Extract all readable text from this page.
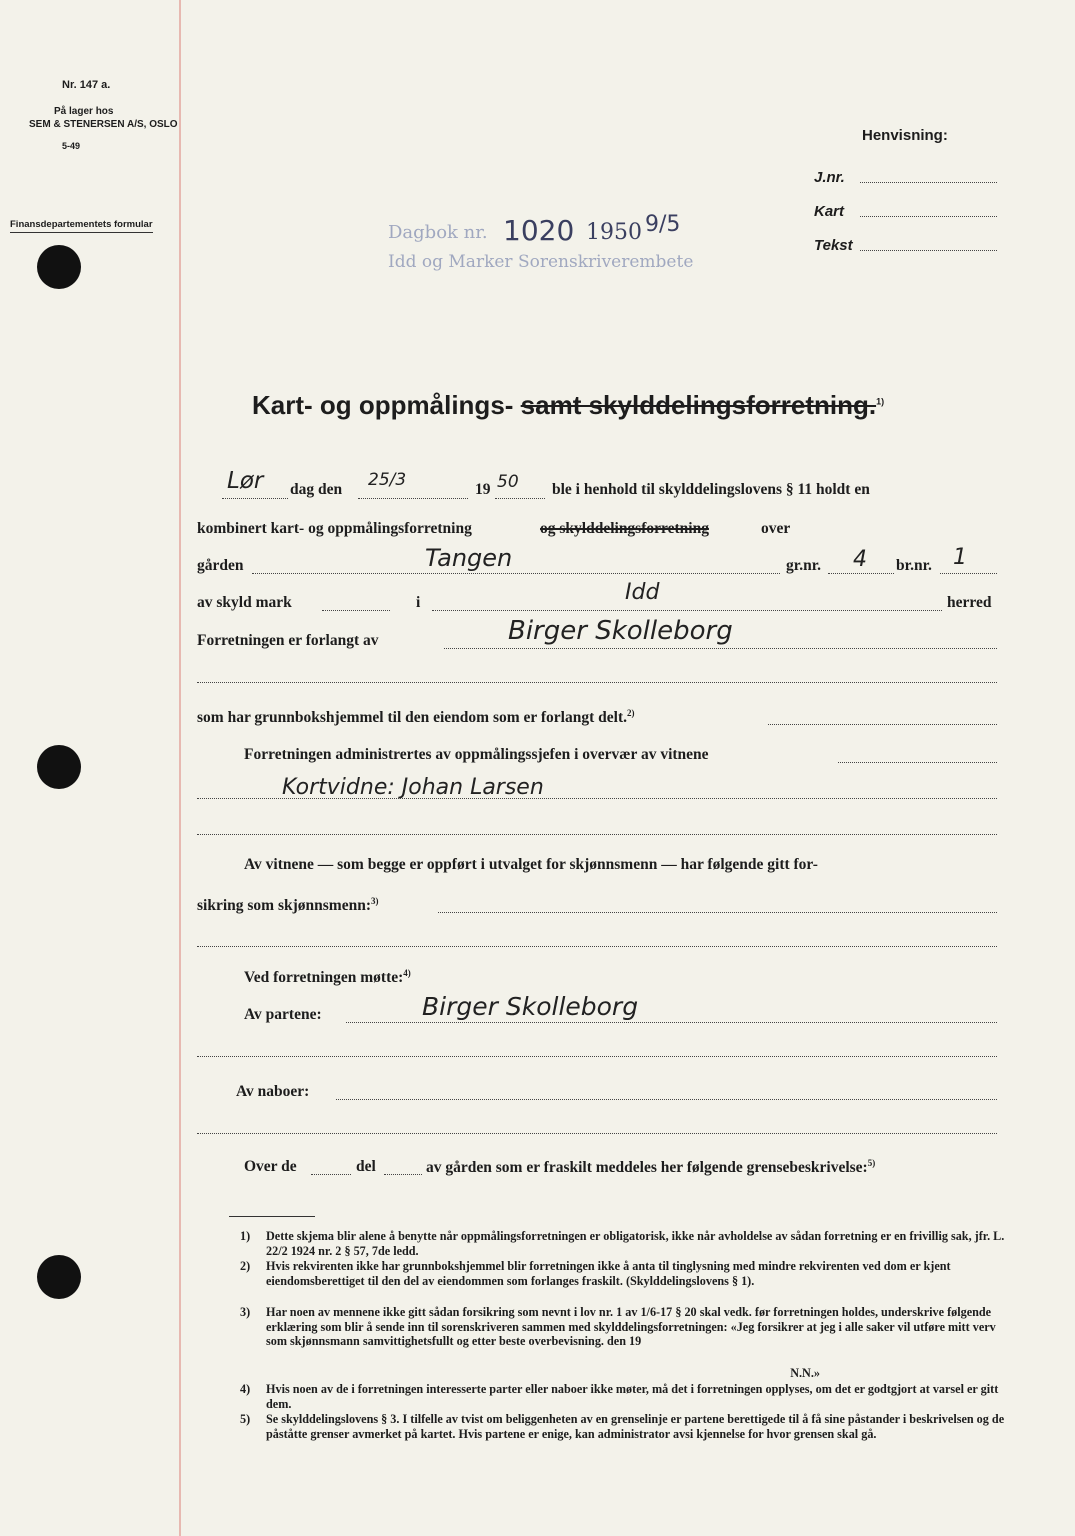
Nr. 147 a.
På lager hos
SEM & STENERSEN A/S, OSLO
5-49
Finansdepartementets formular
Henvisning:
J.nr.
Kart
Tekst
Dagbok nr. 1020 1950 9/5
Idd og Marker Sorenskriverembete
Kart- og oppmålings- samt skylddelingsforretning.$^{1)}$
Lør dag den 25/3	19 50 ble i henhold til skylddelingslovens § 11 holdt en
kombinert kart- og oppmålingsforretning	og skylddelingsforretning	over
gården	Tangen	gr.nr. 4 br.nr. 1
av skyld mark	i	Idd	herred
Forretningen er forlangt av	Birger Skolleborg
som har grunnbokshjemmel til den eiendom som er forlangt delt.$^{2)}$
Forretningen administrertes av oppmålingssjefen i overvær av vitnene
Kortvidne: Johan Larsen
Av vitnene — som begge er oppført i utvalget for skjønnsmenn — har følgende gitt for-
sikring som skjønnsmenn:$^{3)}$
Ved forretningen møtte:$^{4)}$
Av partene:	Birger Skolleborg
Av naboer:
Over de	del	av gården som er fraskilt meddeles her følgende grensebeskrivelse:$^{5)}$
1) Dette skjema blir alene å benytte når oppmålingsforretningen er obligatorisk, ikke når avholdelse av sådan forretning er en frivillig sak, jfr. L. 22/2 1924 nr. 2 § 57, 7de ledd.
2) Hvis rekvirenten ikke har grunnbokshjemmel blir forretningen ikke å anta til tinglysning med mindre rekvirenten ved dom er kjent eiendomsberettiget til den del av eiendommen som forlanges fraskilt. (Skylddelingslovens § 1).
3) Har noen av mennene ikke gitt sådan forsikring som nevnt i lov nr. 1 av 1/6-17 § 20 skal vedk. før forretningen holdes, underskrive følgende erklæring som blir å sende inn til sorenskriveren sammen med skylddelingsforretningen: «Jeg forsikrer at jeg i alle saker vil utføre mitt verv som skjønnsmann samvittighetsfullt og etter beste overbevisning. den 19
N.N.»
4) Hvis noen av de i forretningen interesserte parter eller naboer ikke møter, må det i forretningen opplyses, om det er godtgjort at varsel er gitt dem.
5) Se skylddelingslovens § 3. I tilfelle av tvist om beliggenheten av en grenselinje er partene berettigede til å få sine påstander i beskrivelsen og de påståtte grenser avmerket på kartet. Hvis partene er enige, kan administrator avsi kjennelse for hvor grensen skal gå.
